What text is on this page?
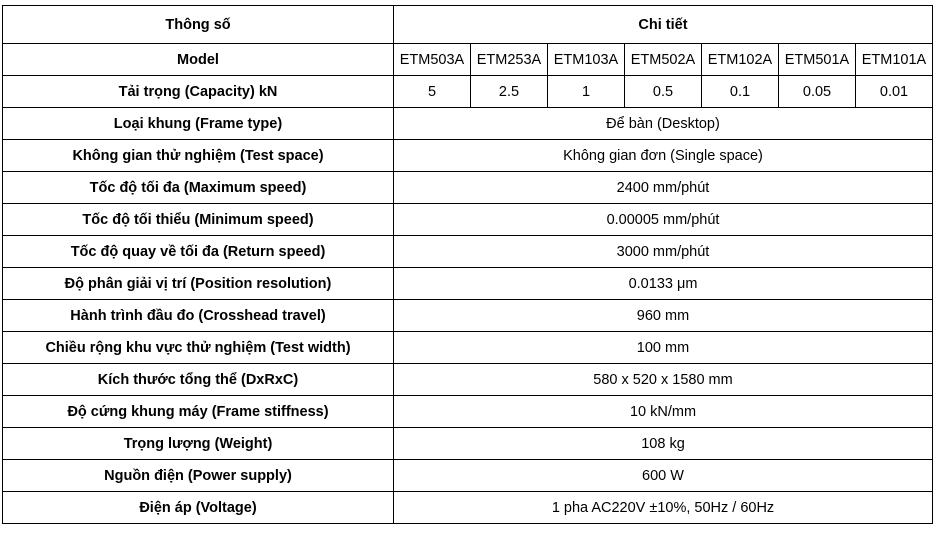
Thông số	Chi tiết						
Model	ETM503A	ETM253A	ETM103A	ETM502A	ETM102A	ETM501A	ETM101A
Tải trọng (Capacity) kN	5	2.5	1	0.5	0.1	0.05	0.01
Loại khung (Frame type)	Để bàn (Desktop)						
Không gian thử nghiệm (Test space)	Không gian đơn (Single space)						
Tốc độ tối đa (Maximum speed)	2400 mm/phút						
Tốc độ tối thiểu (Minimum speed)	0.00005 mm/phút						
Tốc độ quay về tối đa (Return speed)	3000 mm/phút						
Độ phân giải vị trí (Position resolution)	0.0133 μm						
Hành trình đầu đo (Crosshead travel)	960 mm						
Chiều rộng khu vực thử nghiệm (Test width)	100 mm						
Kích thước tổng thể (DxRxC)	580 x 520 x 1580 mm						
Độ cứng khung máy (Frame stiffness)	10 kN/mm						
Trọng lượng (Weight)	108 kg						
Nguồn điện (Power supply)	600 W						
Điện áp (Voltage)	1 pha AC220V ±10%, 50Hz / 60Hz						
